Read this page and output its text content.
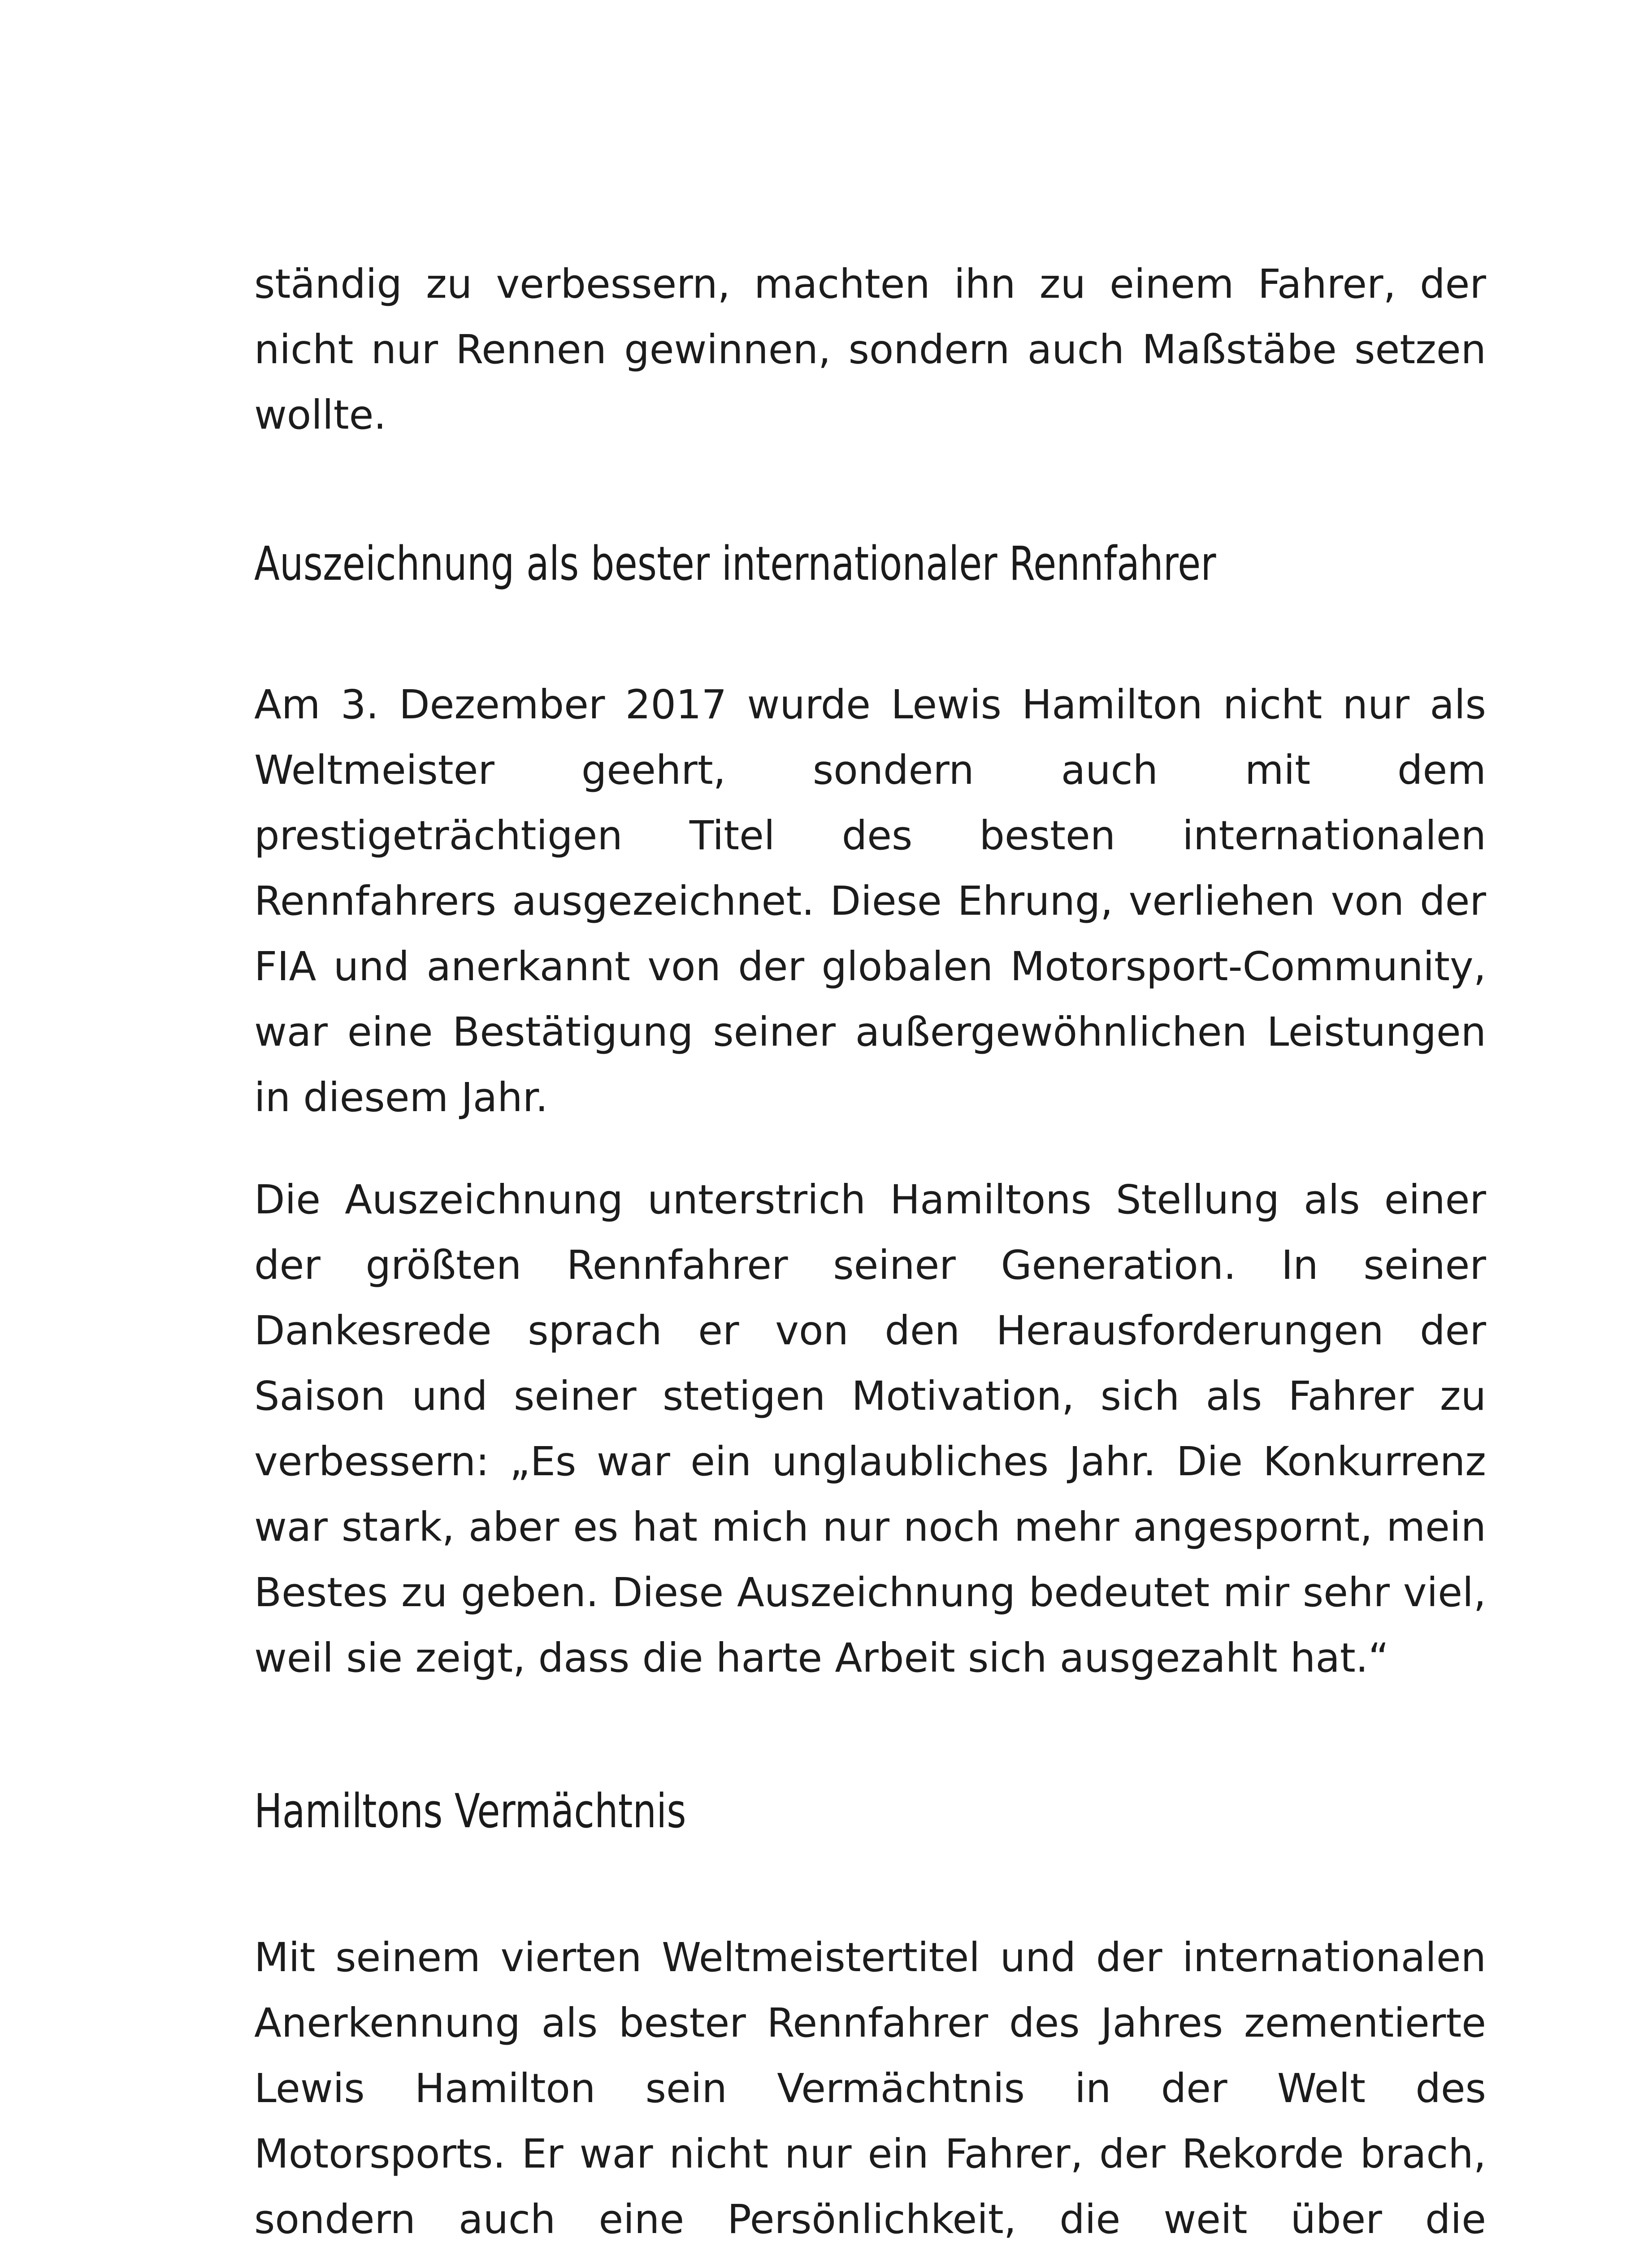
ständig zu verbessern, machten ihn zu einem Fahrer, der nicht nur Rennen gewinnen, sondern auch Maßstäbe setzen wollte.

Auszeichnung als bester internationaler Rennfahrer

Am 3. Dezember 2017 wurde Lewis Hamilton nicht nur als Weltmeister geehrt, sondern auch mit dem prestigeträchtigen Titel des besten internationalen Rennfahrers ausgezeichnet. Diese Ehrung, verliehen von der FIA und anerkannt von der globalen Motorsport-Community, war eine Bestätigung seiner außergewöhnlichen Leistungen in diesem Jahr.

Die Auszeichnung unterstrich Hamiltons Stellung als einer der größten Rennfahrer seiner Generation. In seiner Dankesrede sprach er von den Herausforderungen der Saison und seiner stetigen Motivation, sich als Fahrer zu verbessern: „Es war ein unglaubliches Jahr. Die Konkurrenz war stark, aber es hat mich nur noch mehr angespornt, mein Bestes zu geben. Diese Auszeichnung bedeutet mir sehr viel, weil sie zeigt, dass die harte Arbeit sich ausgezahlt hat.“

Hamiltons Vermächtnis

Mit seinem vierten Weltmeistertitel und der internationalen Anerkennung als bester Rennfahrer des Jahres zementierte Lewis Hamilton sein Vermächtnis in der Welt des Motorsports. Er war nicht nur ein Fahrer, der Rekorde brach, sondern auch eine Persönlichkeit, die weit über die
